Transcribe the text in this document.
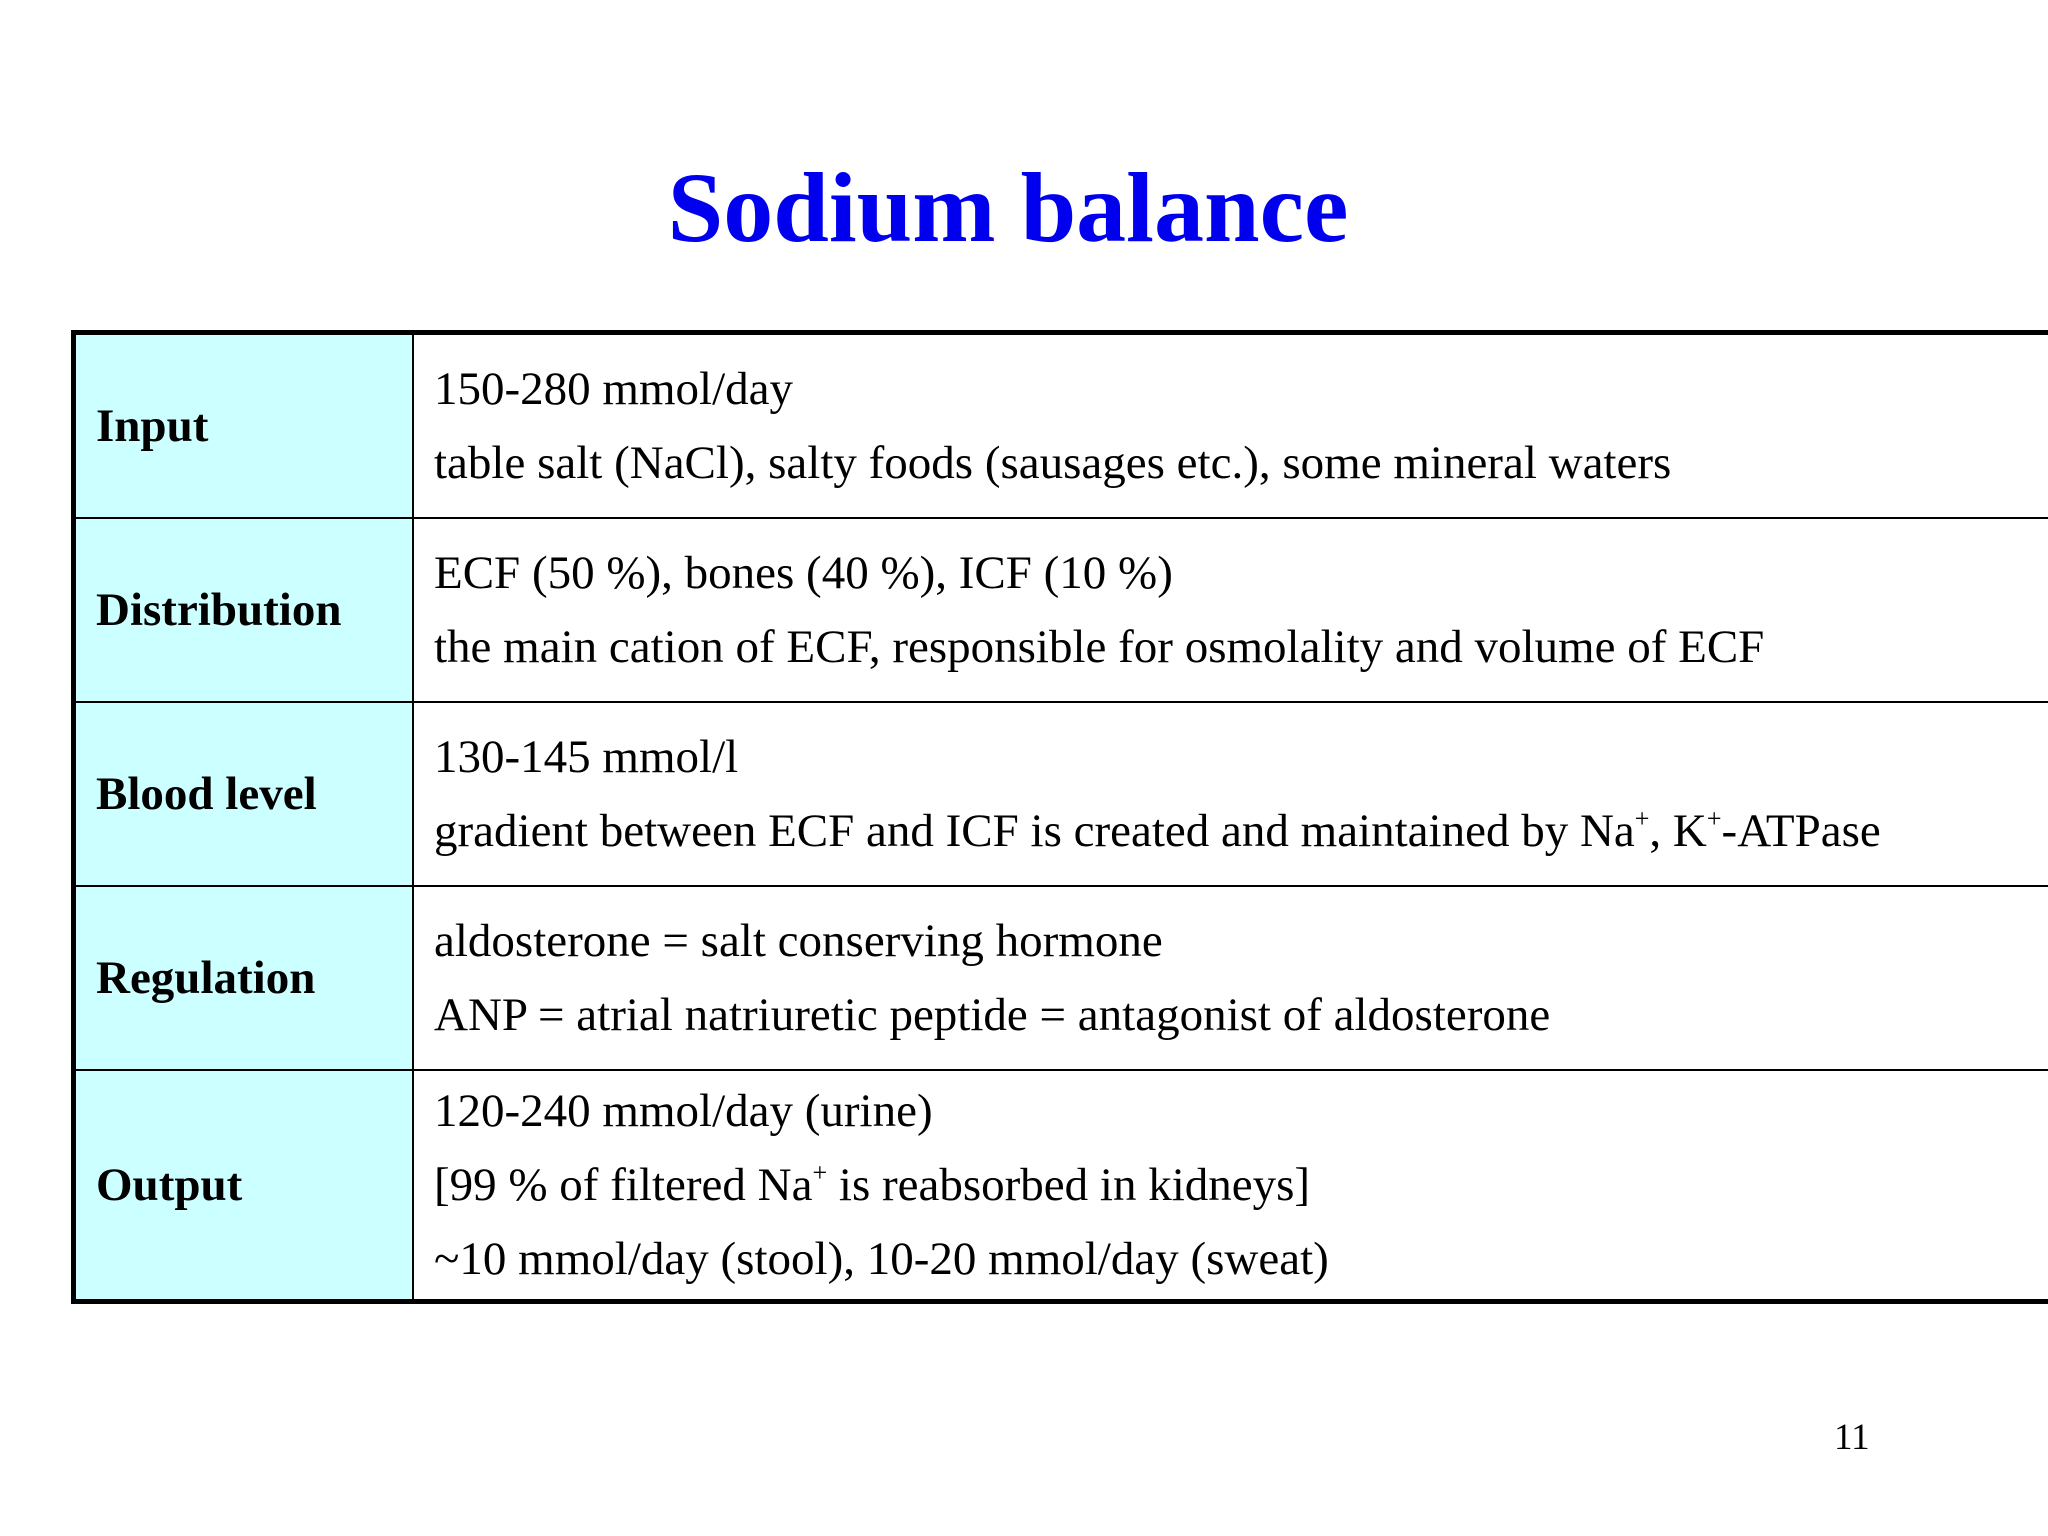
Sodium balance
Input	150-280 mmol/day
table salt (NaCl), salty foods (sausages etc.), some mineral waters

Distribution	ECF (50 %), bones (40 %), ICF (10 %)
the main cation of ECF, responsible for osmolality and volume of ECF

Blood level	130-145 mmol/l
gradient between ECF and ICF is created and maintained by Na+, K+-ATPase

Regulation	aldosterone = salt conserving hormone
ANP = atrial natriuretic peptide = antagonist of aldosterone

Output	120-240 mmol/day (urine)
[99 % of filtered Na+ is reabsorbed in kidneys]
~10 mmol/day (stool), 10-20 mmol/day (sweat)
11
